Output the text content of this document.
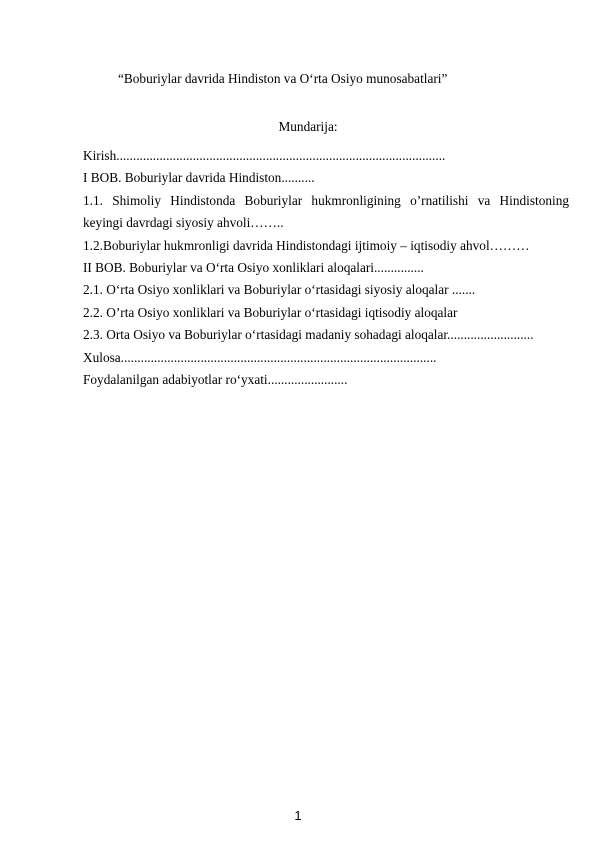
“Boburiylar davrida Hindiston va O‘rta Osiyo munosabatlari”
Mundarija:
Kirish...................................................................................................
I BOB. Boburiylar davrida Hindiston..........
1.1. Shimoliy Hindistonda Boburiylar hukmronligining o’rnatilishi va Hindistoning keyingi davrdagi siyosiy ahvoli……..
1.2.Boburiylar hukmronligi davrida Hindistondagi ijtimoiy – iqtisodiy ahvol………
II BOB. Boburiylar va O‘rta Osiyo xonliklari aloqalari...............
2.1. O‘rta Osiyo xonliklari va Boburiylar o‘rtasidagi siyosiy aloqalar .......
2.2. O’rta Osiyo xonliklari va Boburiylar o‘rtasidagi iqtisodiy aloqalar
2.3. Orta Osiyo va Boburiylar o‘rtasidagi madaniy sohadagi aloqalar..........................
Xulosa...............................................................................................
Foydalanilgan adabiyotlar ro‘yxati........................
1
